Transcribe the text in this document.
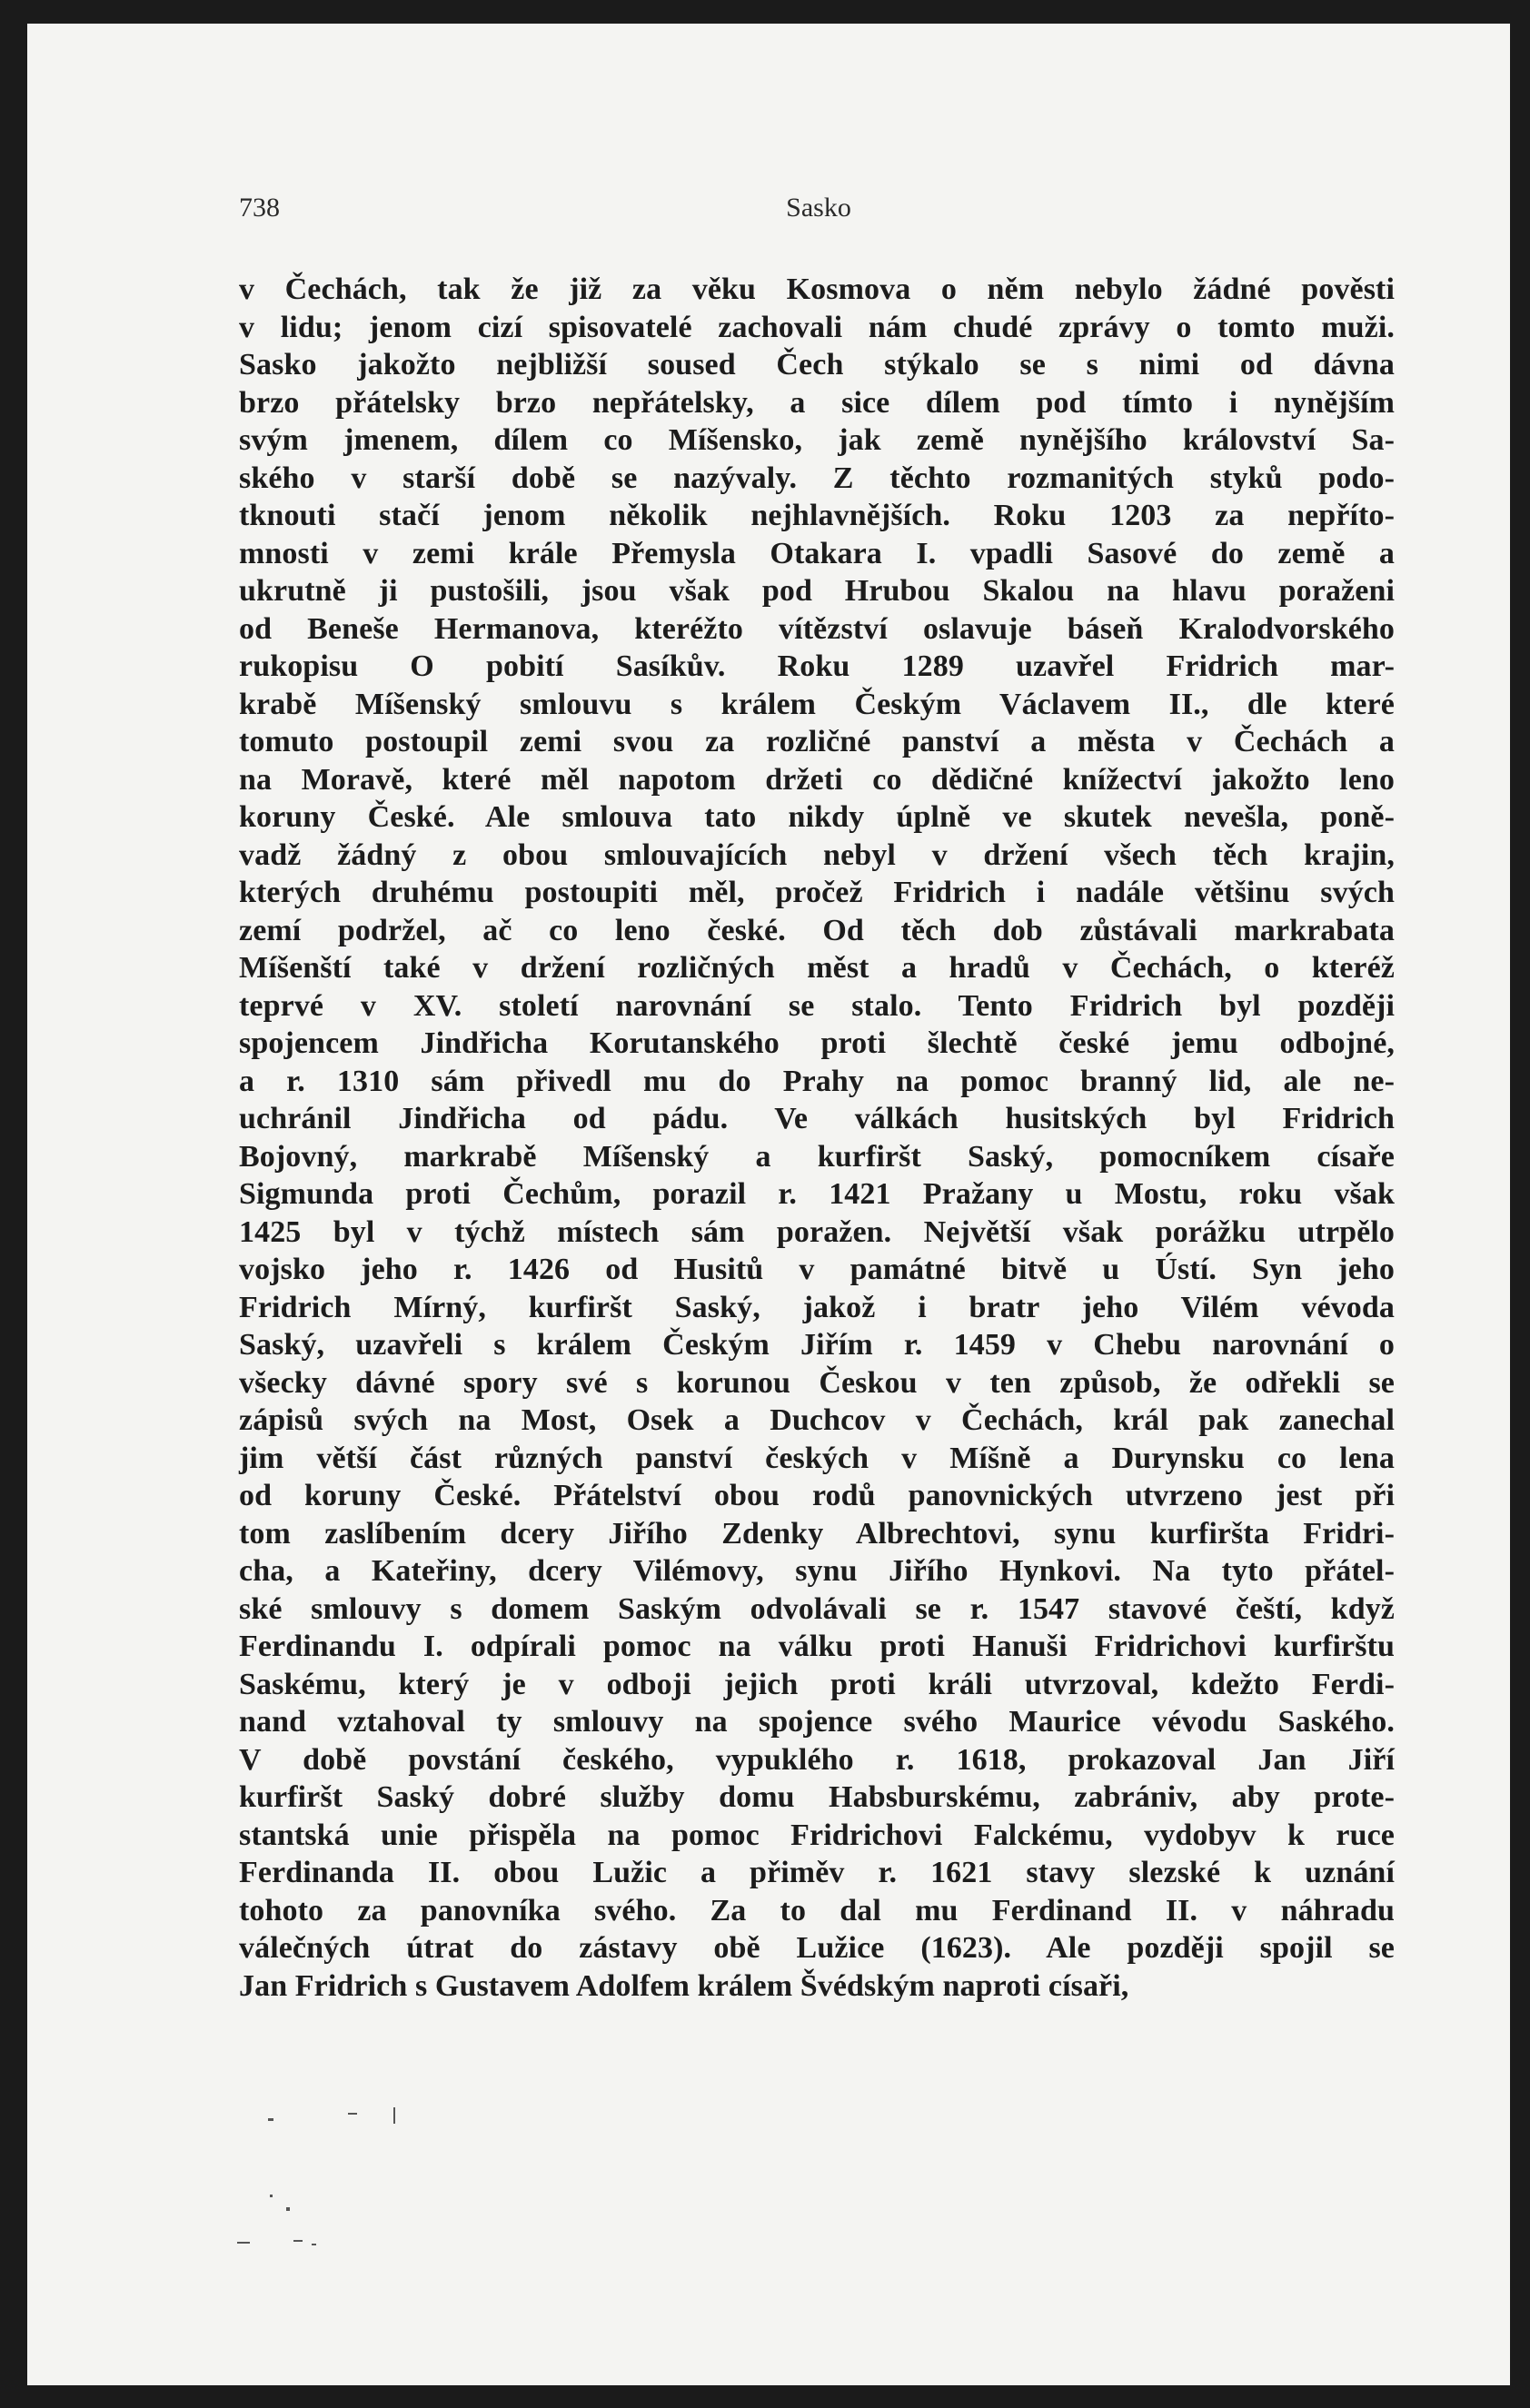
738	Sasko
v Čechách, tak že již za věku Kosmova o něm nebylo žádné pověsti
v lidu; jenom cizí spisovatelé zachovali nám chudé zprávy o tomto muži.
Sasko jakožto nejbližší soused Čech stýkalo se s nimi od dávna
brzo přátelsky brzo nepřátelsky, a sice dílem pod tímto i nynějším
svým jmenem, dílem co Míšensko, jak země nynějšího království Sa-
ského v starší době se nazývaly. Z těchto rozmanitých styků podo-
tknouti stačí jenom několik nejhlavnějších. Roku 1203 za nepříto-
mnosti v zemi krále Přemysla Otakara I. vpadli Sasové do země a
ukrutně ji pustošili, jsou však pod Hrubou Skalou na hlavu poraženi
od Beneše Hermanova, kteréžto vítězství oslavuje báseň Kralodvorského
rukopisu O pobití Sasíkův. Roku 1289 uzavřel Fridrich mar-
krabě Míšenský smlouvu s králem Českým Václavem II., dle které
tomuto postoupil zemi svou za rozličné panství a města v Čechách a
na Moravě, které měl napotom držeti co dědičné knížectví jakožto leno
koruny České. Ale smlouva tato nikdy úplně ve skutek nevešla, poně-
vadž žádný z obou smlouvajících nebyl v držení všech těch krajin,
kterých druhému postoupiti měl, pročež Fridrich i nadále většinu svých
zemí podržel, ač co leno české. Od těch dob zůstávali markrabata
Míšenští také v držení rozličných měst a hradů v Čechách, o kteréž
teprvé v XV. století narovnání se stalo. Tento Fridrich byl později
spojencem Jindřicha Korutanského proti šlechtě české jemu odbojné,
a r. 1310 sám přivedl mu do Prahy na pomoc branný lid, ale ne-
uchránil Jindřicha od pádu. Ve válkách husitských byl Fridrich
Bojovný, markrabě Míšenský a kurfiršt Saský, pomocníkem císaře
Sigmunda proti Čechům, porazil r. 1421 Pražany u Mostu, roku však
1425 byl v týchž místech sám poražen. Největší však porážku utrpělo
vojsko jeho r. 1426 od Husitů v památné bitvě u Ústí. Syn jeho
Fridrich Mírný, kurfiršt Saský, jakož i bratr jeho Vilém vévoda
Saský, uzavřeli s králem Českým Jiřím r. 1459 v Chebu narovnání o
všecky dávné spory své s korunou Českou v ten způsob, že odřekli se
zápisů svých na Most, Osek a Duchcov v Čechách, král pak zanechal
jim větší část různých panství českých v Míšně a Durynsku co lena
od koruny České. Přátelství obou rodů panovnických utvrzeno jest při
tom zaslíbením dcery Jiřího Zdenky Albrechtovi, synu kurfiršta Fridri-
cha, a Kateřiny, dcery Vilémovy, synu Jiřího Hynkovi. Na tyto přátel-
ské smlouvy s domem Saským odvolávali se r. 1547 stavové čeští, když
Ferdinandu I. odpírali pomoc na válku proti Hanuši Fridrichovi kurfirštu
Saskému, který je v odboji jejich proti králi utvrzoval, kdežto Ferdi-
nand vztahoval ty smlouvy na spojence svého Maurice vévodu Saského.
V době povstání českého, vypuklého r. 1618, prokazoval Jan Jiří
kurfiršt Saský dobré služby domu Habsburskému, zabrániv, aby prote-
stantská unie přispěla na pomoc Fridrichovi Falckému, vydobyv k ruce
Ferdinanda II. obou Lužic a přiměv r. 1621 stavy slezské k uznání
tohoto za panovníka svého. Za to dal mu Ferdinand II. v náhradu
válečných útrat do zástavy obě Lužice (1623). Ale později spojil se
Jan Fridrich s Gustavem Adolfem králem Švédským naproti císaři,
